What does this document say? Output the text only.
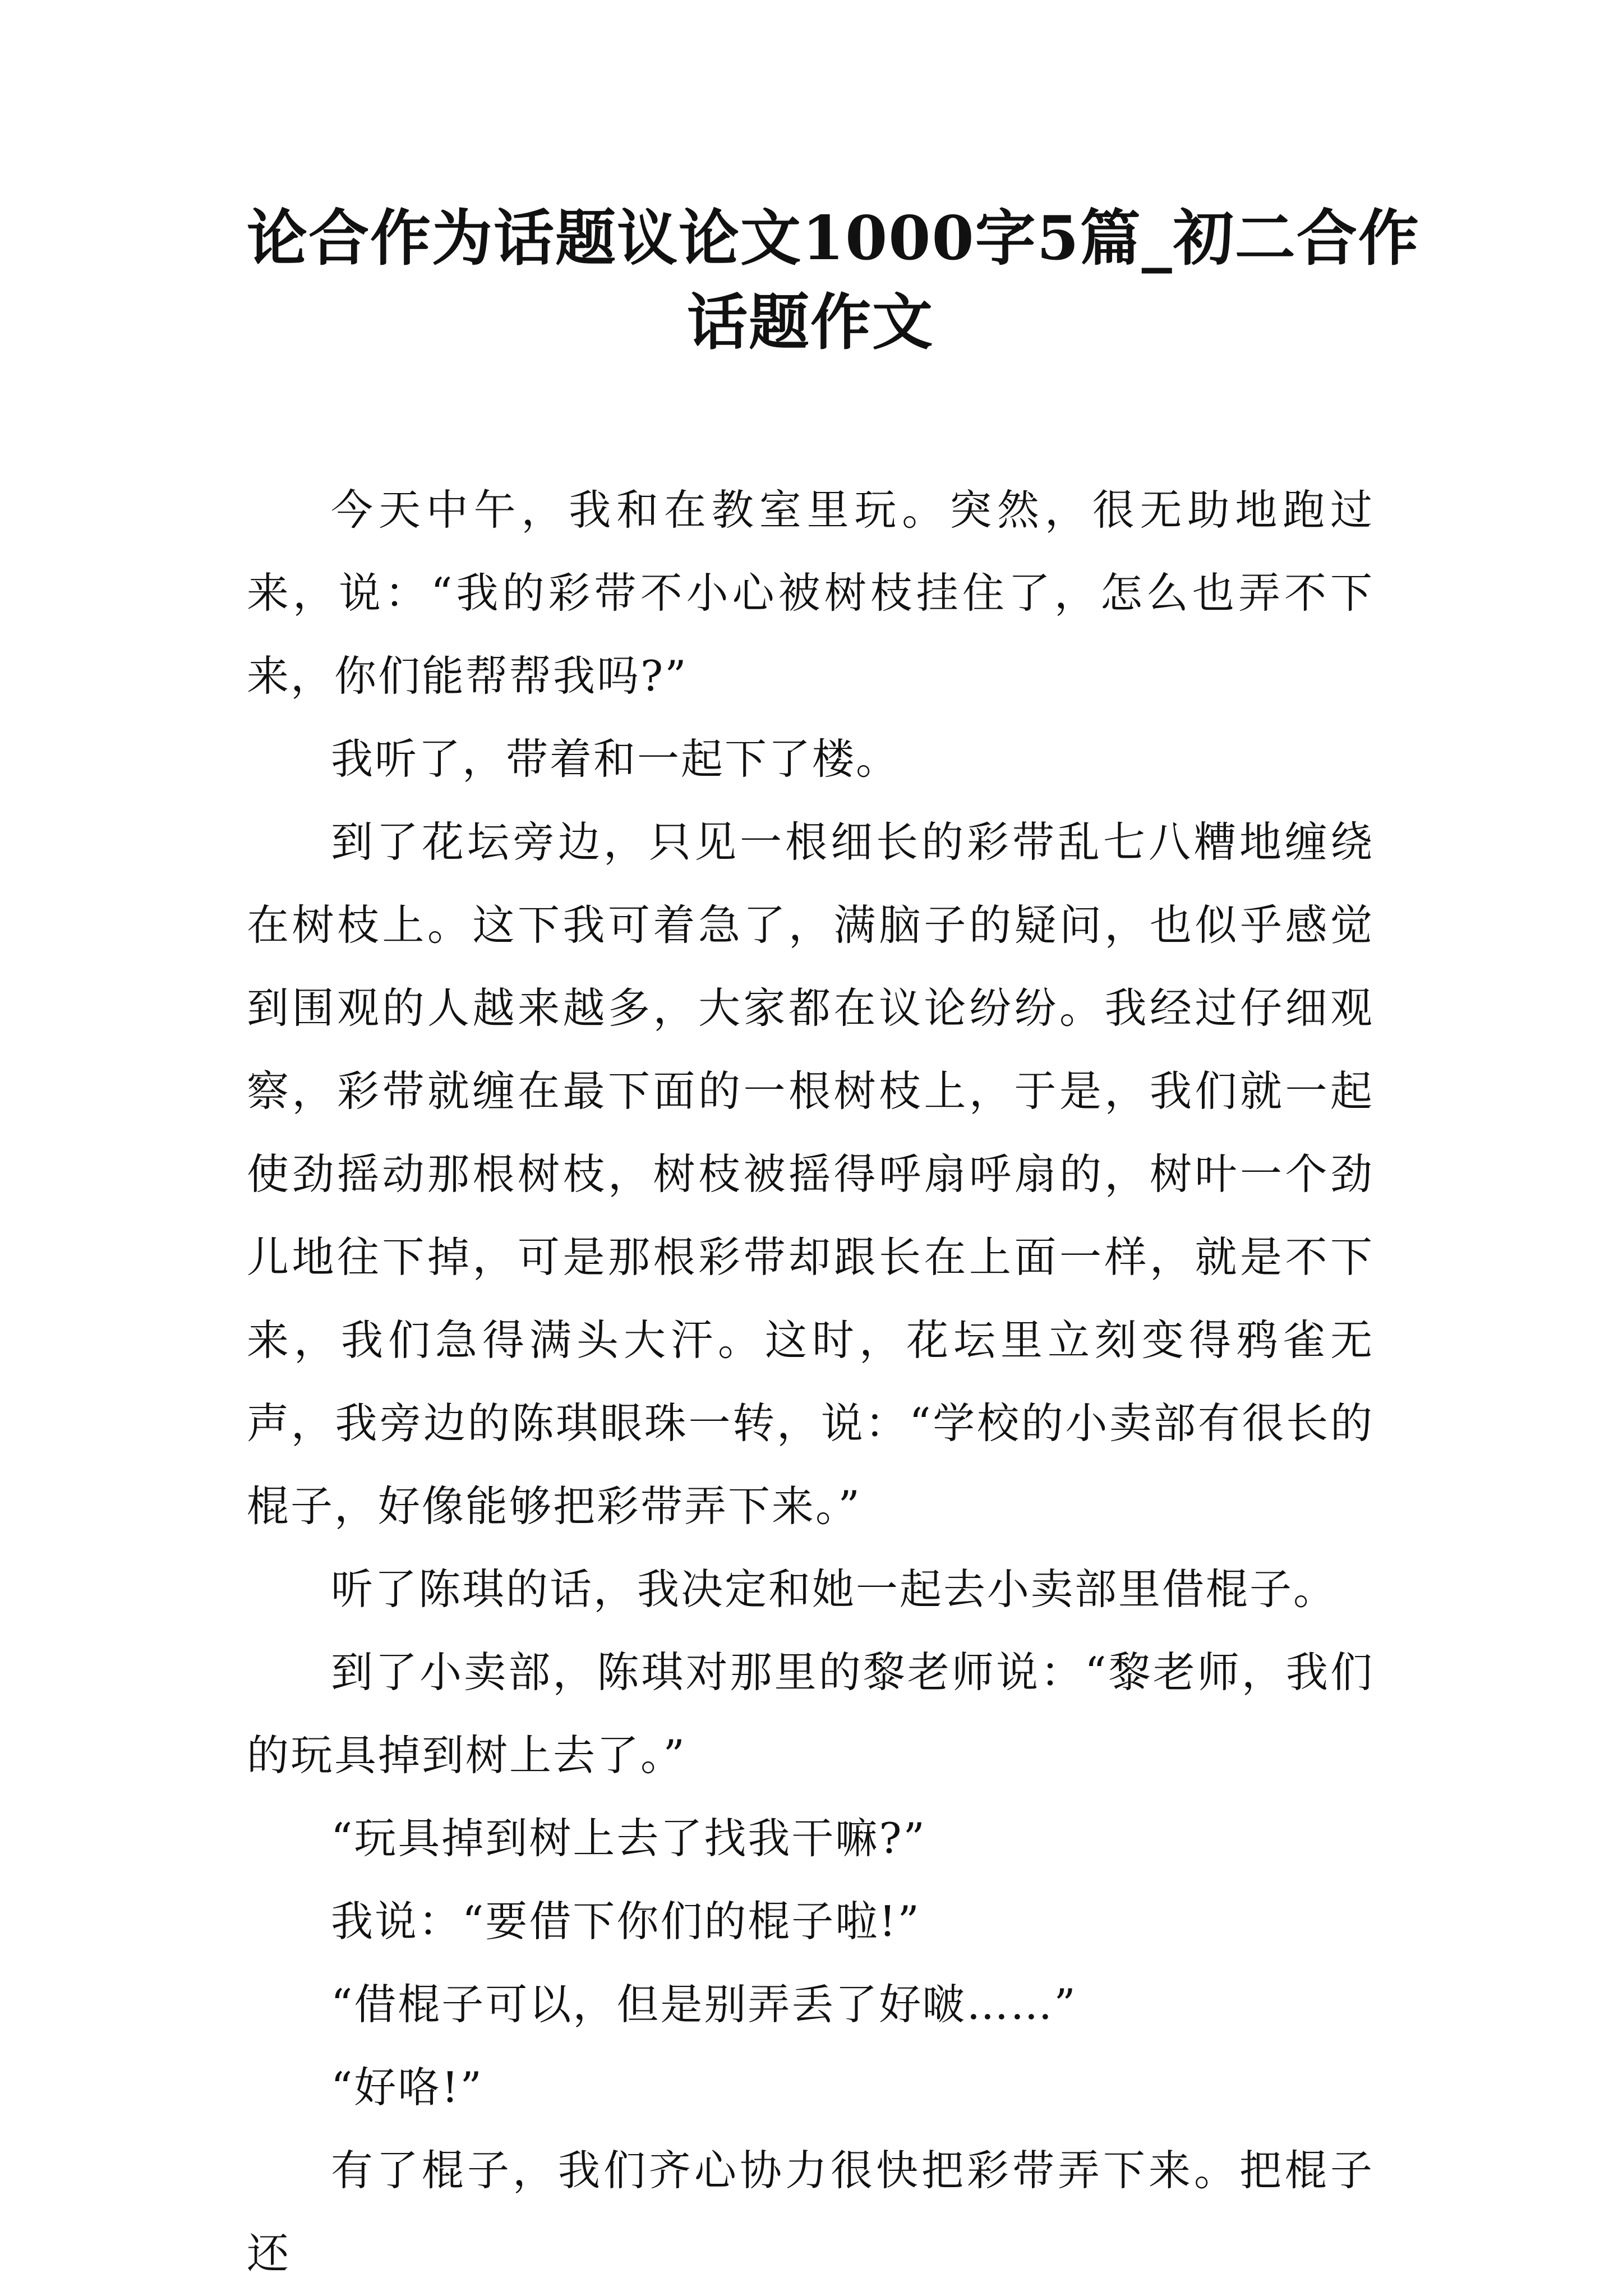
论合作为话题议论文1000字5篇_初二合作
话题作文

今天中午，我和在教室里玩。突然，很无助地跑过来，说：“我的彩带不小心被树枝挂住了，怎么也弄不下来，你们能帮帮我吗?”

我听了，带着和一起下了楼。

到了花坛旁边，只见一根细长的彩带乱七八糟地缠绕在树枝上。这下我可着急了，满脑子的疑问，也似乎感觉到围观的人越来越多，大家都在议论纷纷。我经过仔细观察，彩带就缠在最下面的一根树枝上，于是，我们就一起使劲摇动那根树枝，树枝被摇得呼扇呼扇的，树叶一个劲儿地往下掉，可是那根彩带却跟长在上面一样，就是不下来，我们急得满头大汗。这时，花坛里立刻变得鸦雀无声，我旁边的陈琪眼珠一转，说：“学校的小卖部有很长的棍子，好像能够把彩带弄下来。”

听了陈琪的话，我决定和她一起去小卖部里借棍子。

到了小卖部，陈琪对那里的黎老师说：“黎老师，我们的玩具掉到树上去了。”

“玩具掉到树上去了找我干嘛?”

我说：“要借下你们的棍子啦!”

“借棍子可以，但是别弄丢了好啵……”

“好咯!”

有了棍子，我们齐心协力很快把彩带弄下来。把棍子还
